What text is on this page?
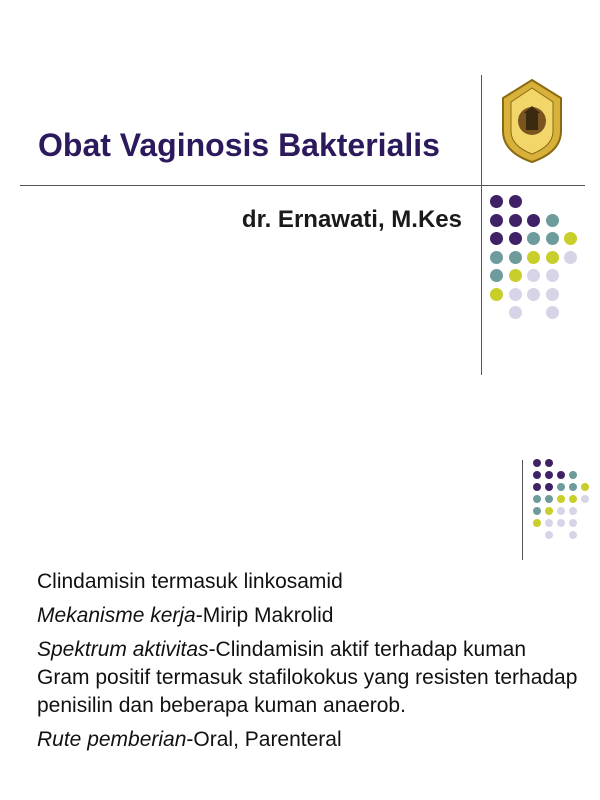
Obat Vaginosis Bakterialis
dr. Ernawati, M.Kes

Clindamisin termasuk linkosamid

Mekanisme kerja-Mirip Makrolid

Spektrum aktivitas-Clindamisin aktif terhadap kuman Gram positif termasuk stafilokokus yang resisten terhadap penisilin dan beberapa kuman anaerob.

Rute pemberian-Oral, Parenteral
